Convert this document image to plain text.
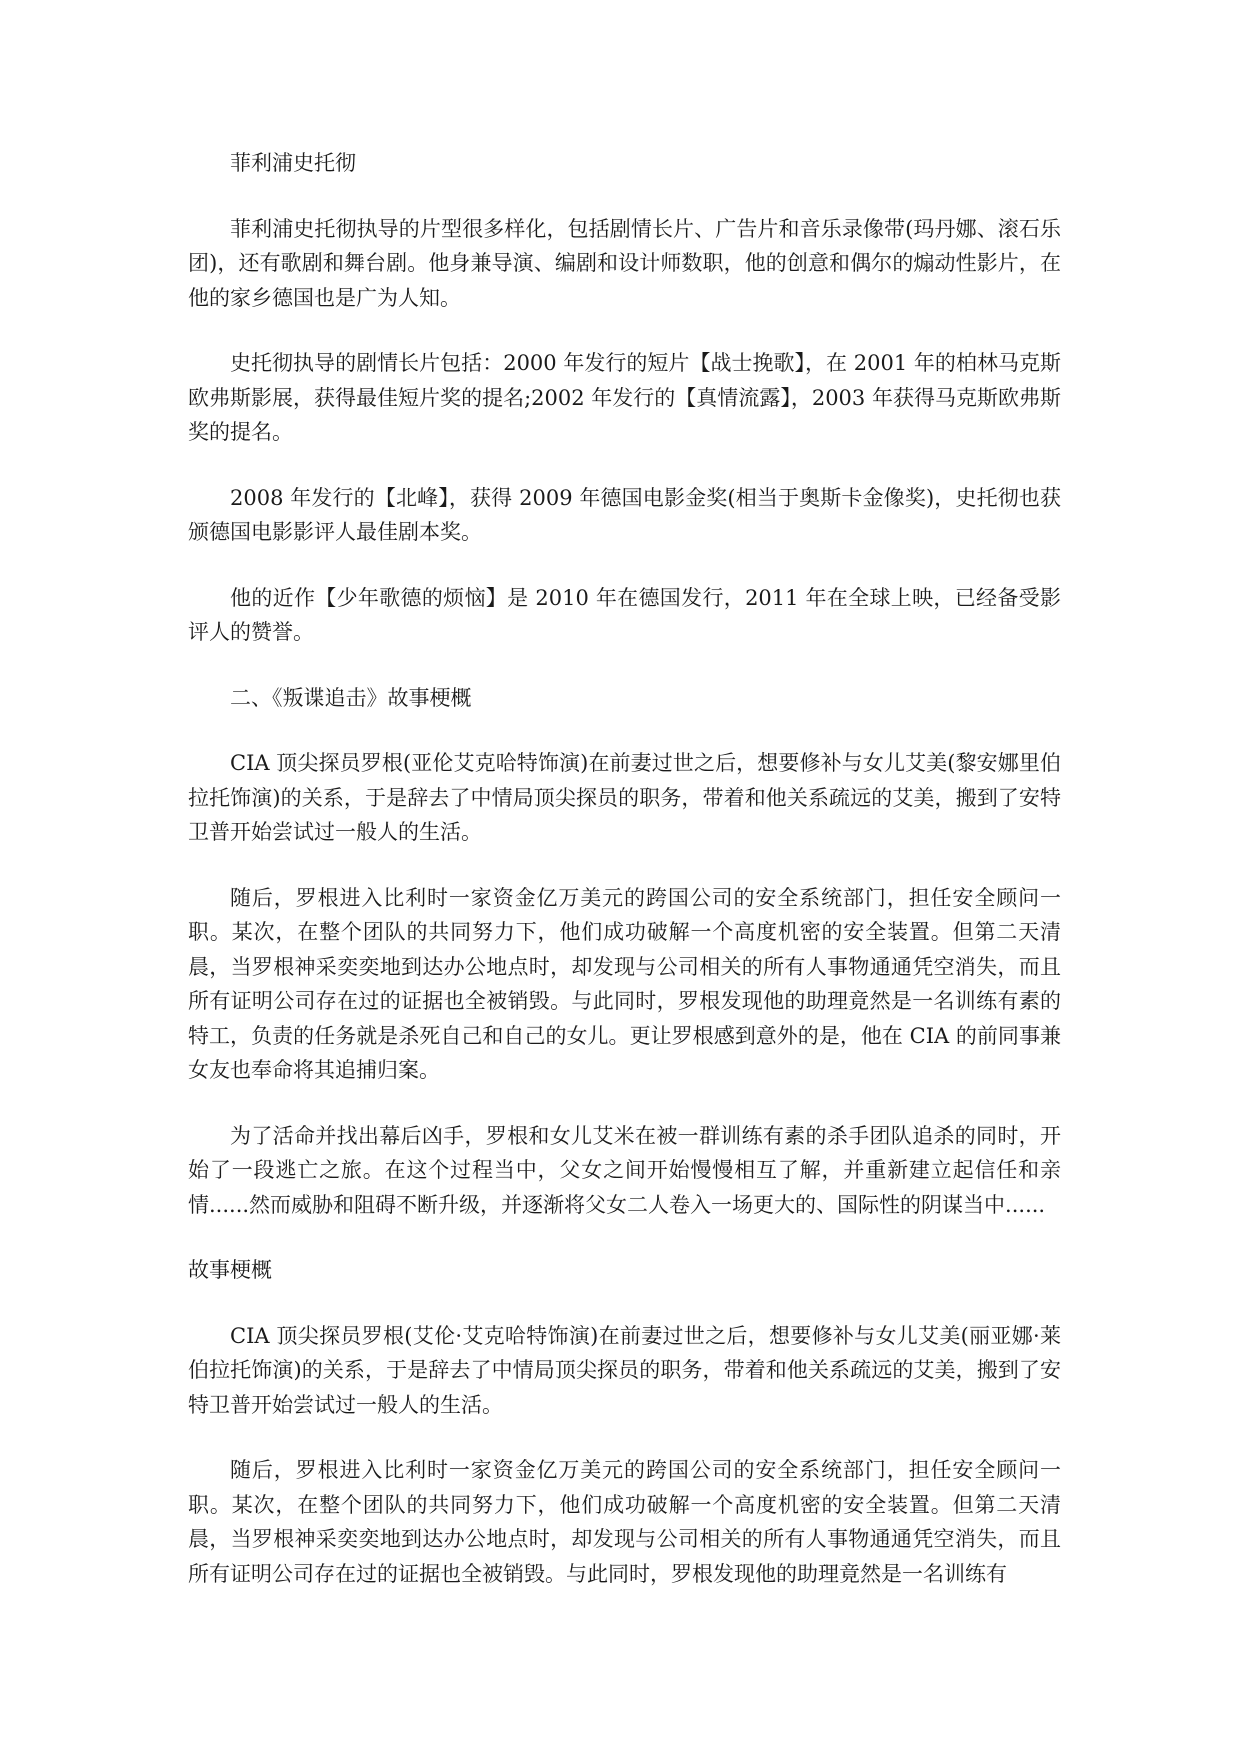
菲利浦史托彻

菲利浦史托彻执导的片型很多样化，包括剧情长片、广告片和音乐录像带(玛丹娜、滚石乐团)，还有歌剧和舞台剧。他身兼导演、编剧和设计师数职，他的创意和偶尔的煽动性影片，在他的家乡德国也是广为人知。

史托彻执导的剧情长片包括：2000 年发行的短片【战士挽歌】，在 2001 年的柏林马克斯欧弗斯影展，获得最佳短片奖的提名;2002 年发行的【真情流露】，2003 年获得马克斯欧弗斯奖的提名。

2008 年发行的【北峰】，获得 2009 年德国电影金奖(相当于奥斯卡金像奖)，史托彻也获颁德国电影影评人最佳剧本奖。

他的近作【少年歌德的烦恼】是 2010 年在德国发行，2011 年在全球上映，已经备受影评人的赞誉。

二、《叛谍追击》故事梗概

CIA 顶尖探员罗根(亚伦艾克哈特饰演)在前妻过世之后，想要修补与女儿艾美(黎安娜里伯拉托饰演)的关系，于是辞去了中情局顶尖探员的职务，带着和他关系疏远的艾美，搬到了安特卫普开始尝试过一般人的生活。

随后，罗根进入比利时一家资金亿万美元的跨国公司的安全系统部门，担任安全顾问一职。某次，在整个团队的共同努力下，他们成功破解一个高度机密的安全装置。但第二天清晨，当罗根神采奕奕地到达办公地点时，却发现与公司相关的所有人事物通通凭空消失，而且所有证明公司存在过的证据也全被销毁。与此同时，罗根发现他的助理竟然是一名训练有素的特工，负责的任务就是杀死自己和自己的女儿。更让罗根感到意外的是，他在 CIA 的前同事兼女友也奉命将其追捕归案。

为了活命并找出幕后凶手，罗根和女儿艾米在被一群训练有素的杀手团队追杀的同时，开始了一段逃亡之旅。在这个过程当中，父女之间开始慢慢相互了解，并重新建立起信任和亲情......然而威胁和阻碍不断升级，并逐渐将父女二人卷入一场更大的、国际性的阴谋当中......

故事梗概

CIA 顶尖探员罗根(艾伦·艾克哈特饰演)在前妻过世之后，想要修补与女儿艾美(丽亚娜·莱伯拉托饰演)的关系，于是辞去了中情局顶尖探员的职务，带着和他关系疏远的艾美，搬到了安特卫普开始尝试过一般人的生活。

随后，罗根进入比利时一家资金亿万美元的跨国公司的安全系统部门，担任安全顾问一职。某次，在整个团队的共同努力下，他们成功破解一个高度机密的安全装置。但第二天清晨，当罗根神采奕奕地到达办公地点时，却发现与公司相关的所有人事物通通凭空消失，而且所有证明公司存在过的证据也全被销毁。与此同时，罗根发现他的助理竟然是一名训练有
